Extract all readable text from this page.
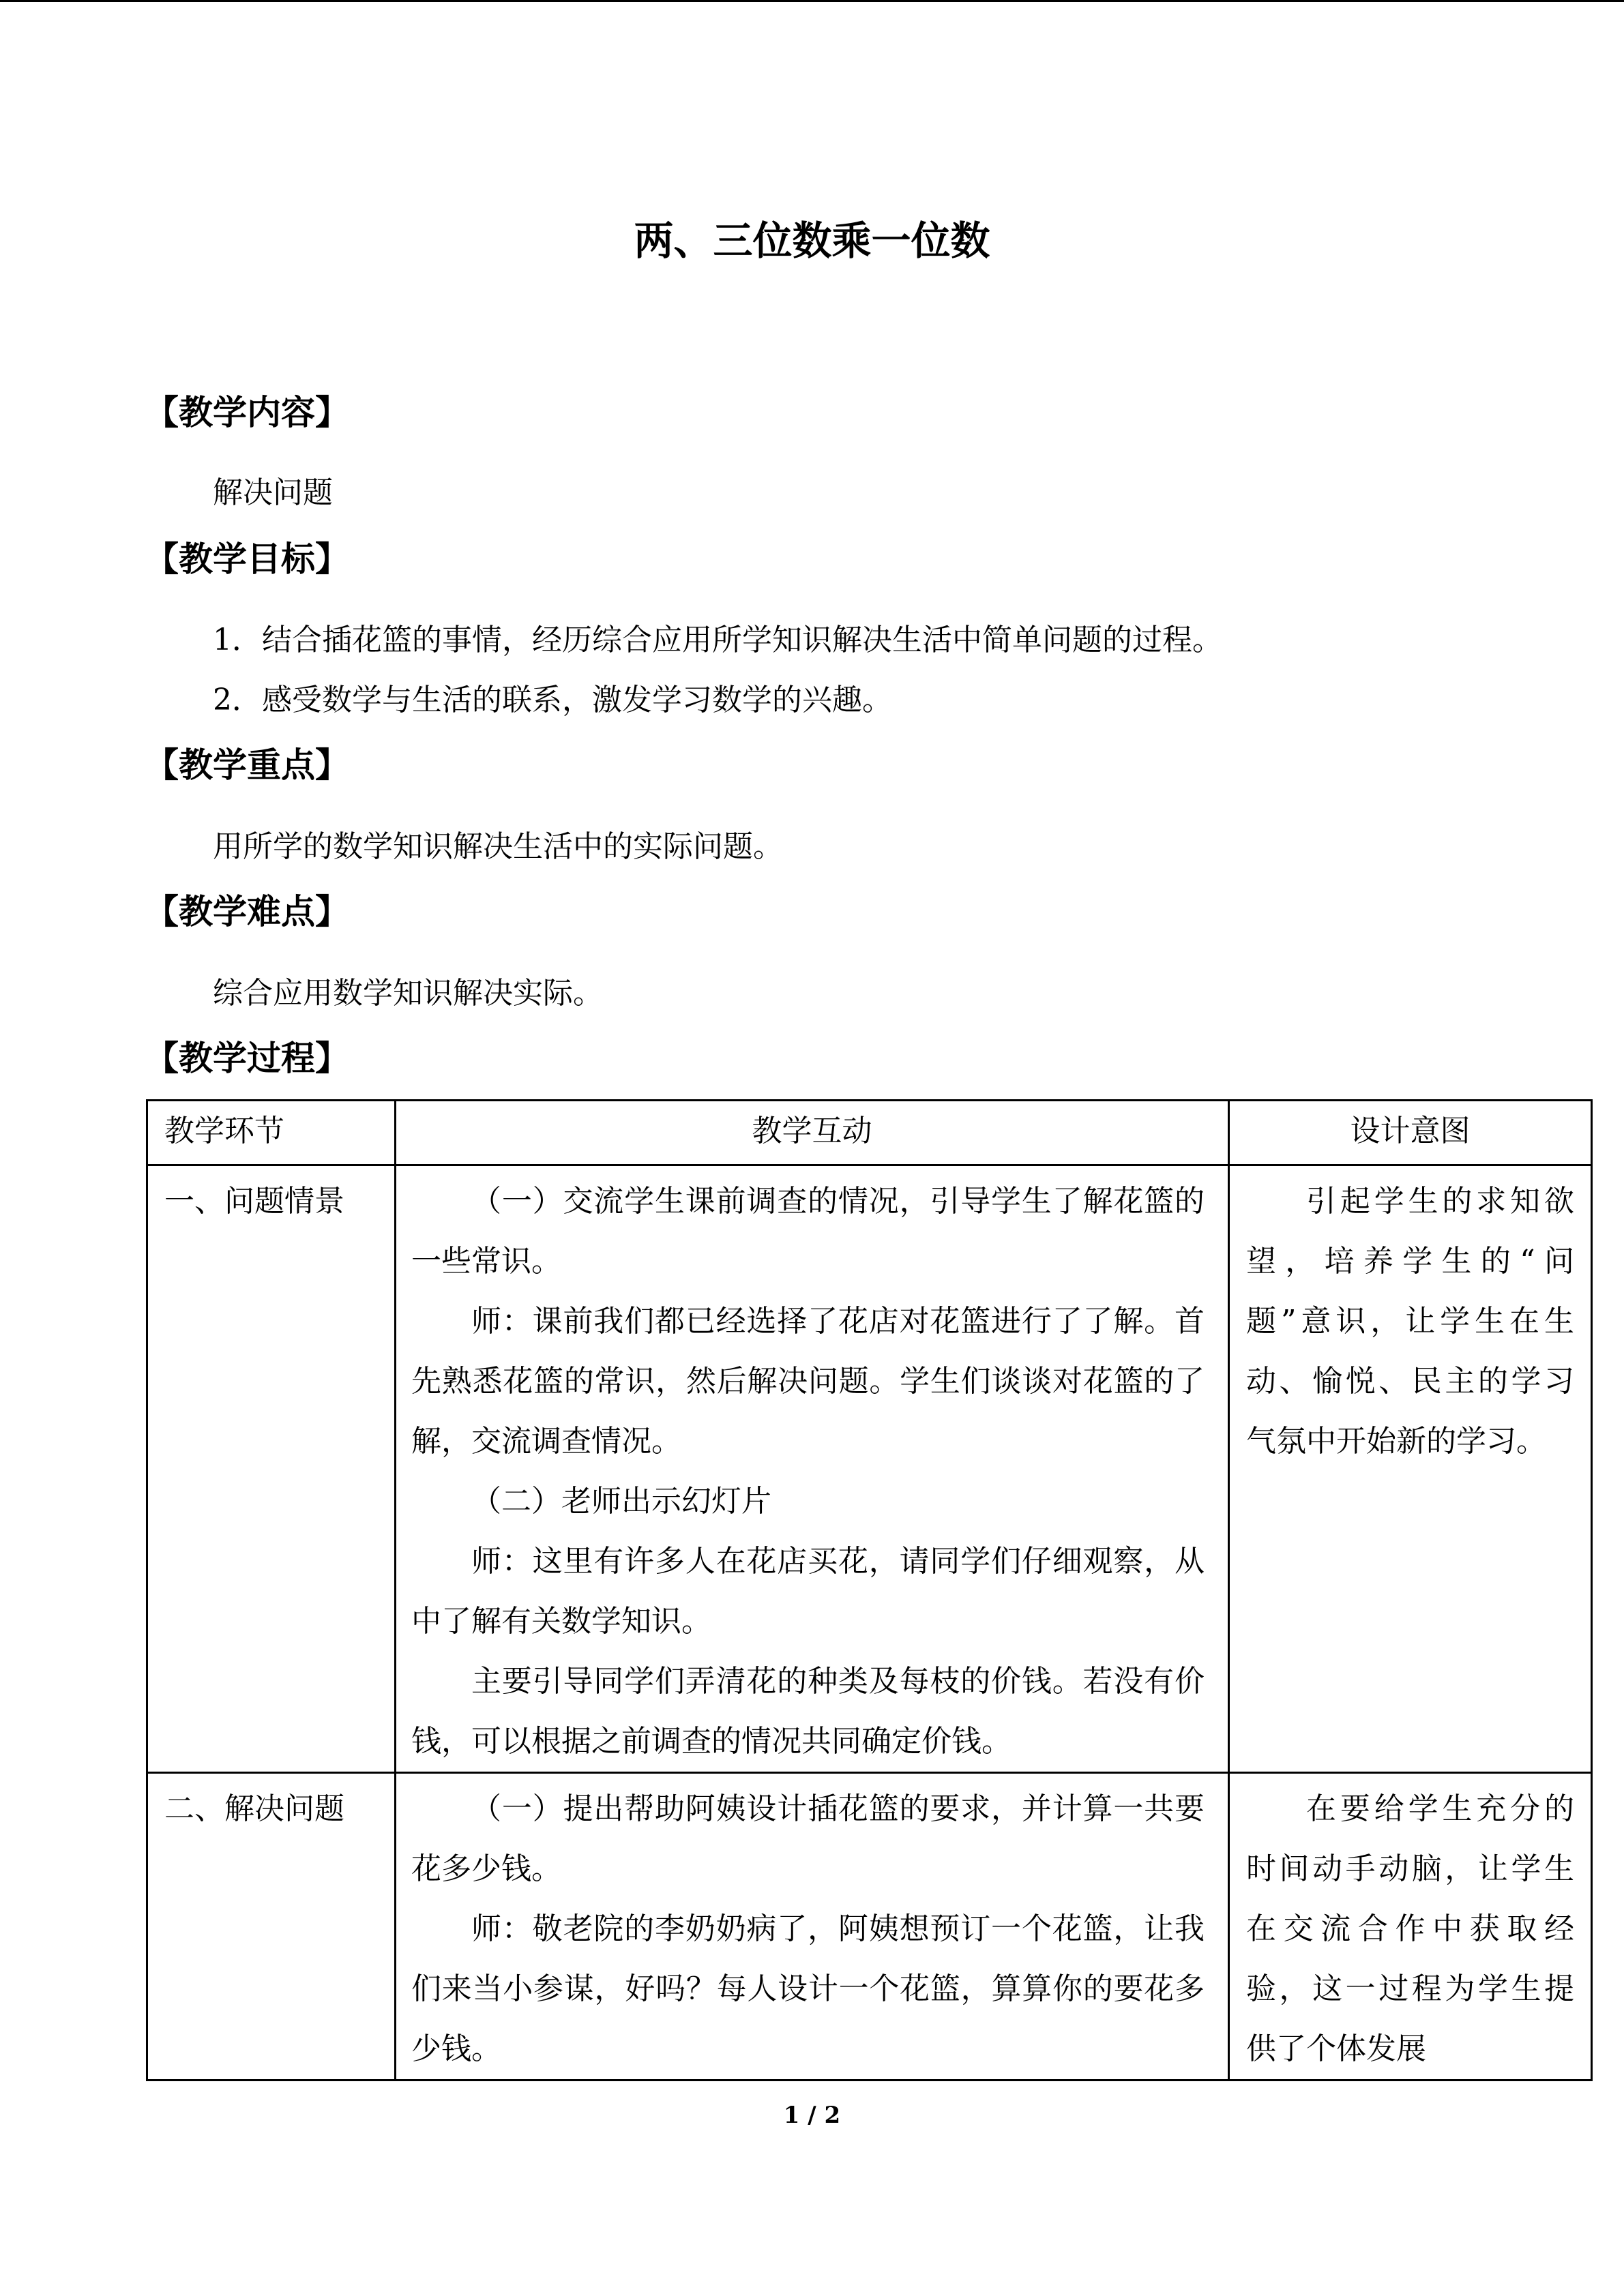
两、三位数乘一位数
【教学内容】
解决问题
【教学目标】
1．结合插花篮的事情，经历综合应用所学知识解决生活中简单问题的过程。
2．感受数学与生活的联系，激发学习数学的兴趣。
【教学重点】
用所学的数学知识解决生活中的实际问题。
【教学难点】
综合应用数学知识解决实际。
【教学过程】
教学环节	教学互动	设计意图
一、问题情景	（一）交流学生课前调查的情况，引导学生了解花篮的一些常识。

师：课前我们都已经选择了花店对花篮进行了了解。首先熟悉花篮的常识，然后解决问题。学生们谈谈对花篮的了解，交流调查情况。

（二）老师出示幻灯片

师：这里有许多人在花店买花，请同学们仔细观察，从中了解有关数学知识。

主要引导同学们弄清花的种类及每枝的价钱。若没有价钱，可以根据之前调查的情况共同确定价钱。	引起学生的求知欲望，培养学生的“问题”意识，让学生在生动、愉悦、民主的学习气氛中开始新的学习。

二、解决问题	（一）提出帮助阿姨设计插花篮的要求，并计算一共要花多少钱。

师：敬老院的李奶奶病了，阿姨想预订一个花篮，让我们来当小参谋，好吗？每人设计一个花篮，算算你的要花多少钱。	在要给学生充分的时间动手动脑，让学生在交流合作中获取经验，这一过程为学生提供了个体发展

1 / 2
